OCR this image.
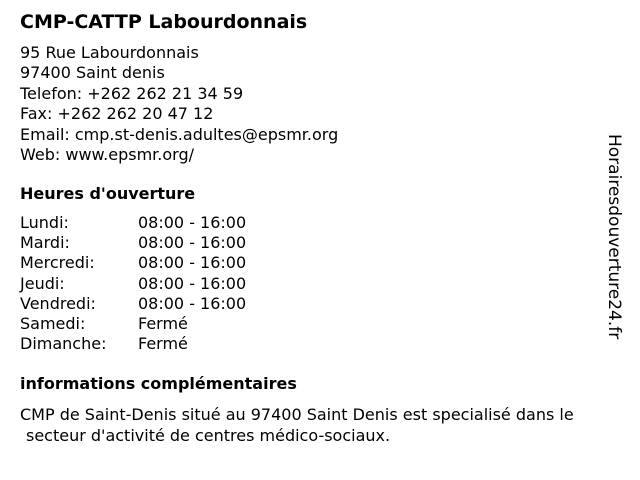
CMP-CATTP Labourdonnais
95 Rue Labourdonnais
97400 Saint denis
Telefon: +262 262 21 34 59
Fax: +262 262 20 47 12
Email: cmp.st-denis.adultes@epsmr.org
Web: www.epsmr.org/
Heures d'ouverture
Lundi:	08:00 - 16:00
Mardi:	08:00 - 16:00
Mercredi:	08:00 - 16:00
Jeudi:	08:00 - 16:00
Vendredi:	08:00 - 16:00
Samedi:	Fermé
Dimanche:	Fermé
informations complémentaires
CMP de Saint-Denis situé au 97400 Saint Denis est specialisé dans le
secteur d'activité de centres médico-sociaux.
Horairesdouverture24.fr
